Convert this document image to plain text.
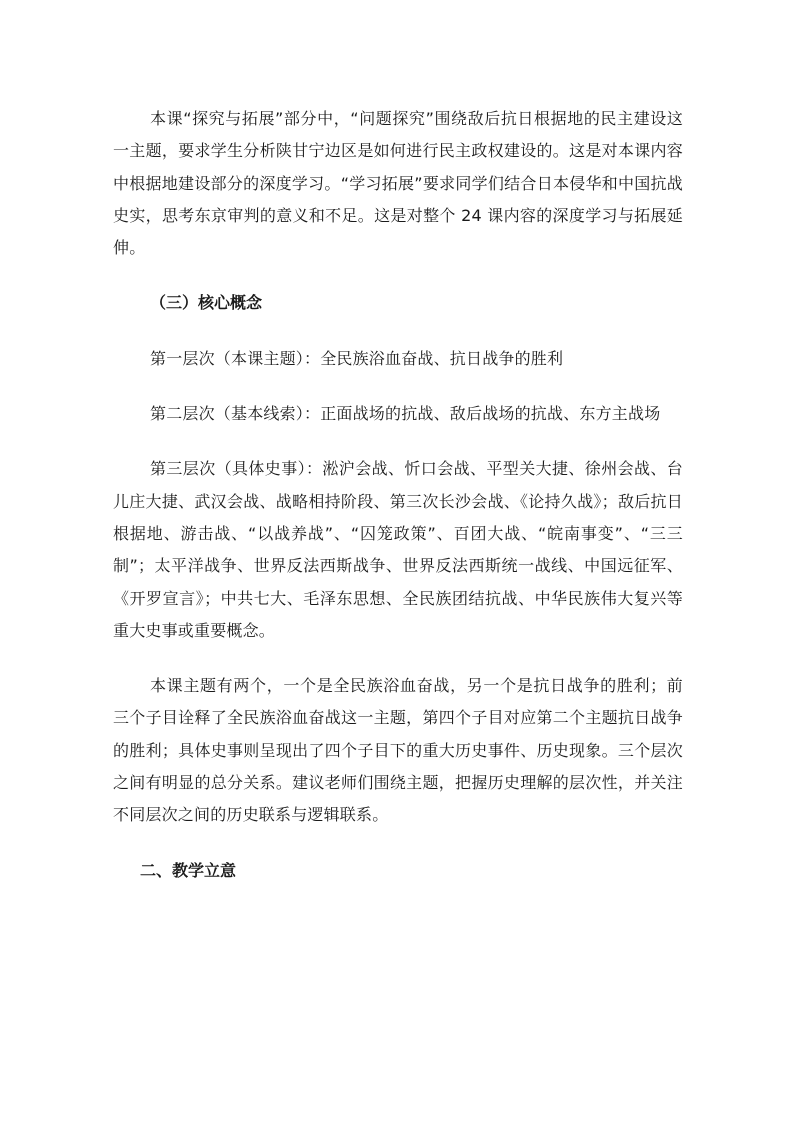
本课“探究与拓展”部分中，“问题探究”围绕敌后抗日根据地的民主建设这一主题，要求学生分析陕甘宁边区是如何进行民主政权建设的。这是对本课内容中根据地建设部分的深度学习。“学习拓展”要求同学们结合日本侵华和中国抗战史实，思考东京审判的意义和不足。这是对整个 24 课内容的深度学习与拓展延伸。

（三）核心概念

第一层次（本课主题）：全民族浴血奋战、抗日战争的胜利

第二层次（基本线索）：正面战场的抗战、敌后战场的抗战、东方主战场

第三层次（具体史事）：淞沪会战、忻口会战、平型关大捷、徐州会战、台儿庄大捷、武汉会战、战略相持阶段、第三次长沙会战、《论持久战》；敌后抗日根据地、游击战、“以战养战”、“囚笼政策”、百团大战、“皖南事变”、“三三制”；太平洋战争、世界反法西斯战争、世界反法西斯统一战线、中国远征军、《开罗宣言》；中共七大、毛泽东思想、全民族团结抗战、中华民族伟大复兴等重大史事或重要概念。

本课主题有两个，一个是全民族浴血奋战，另一个是抗日战争的胜利；前三个子目诠释了全民族浴血奋战这一主题，第四个子目对应第二个主题抗日战争的胜利；具体史事则呈现出了四个子目下的重大历史事件、历史现象。三个层次之间有明显的总分关系。建议老师们围绕主题，把握历史理解的层次性，并关注不同层次之间的历史联系与逻辑联系。

二、教学立意
